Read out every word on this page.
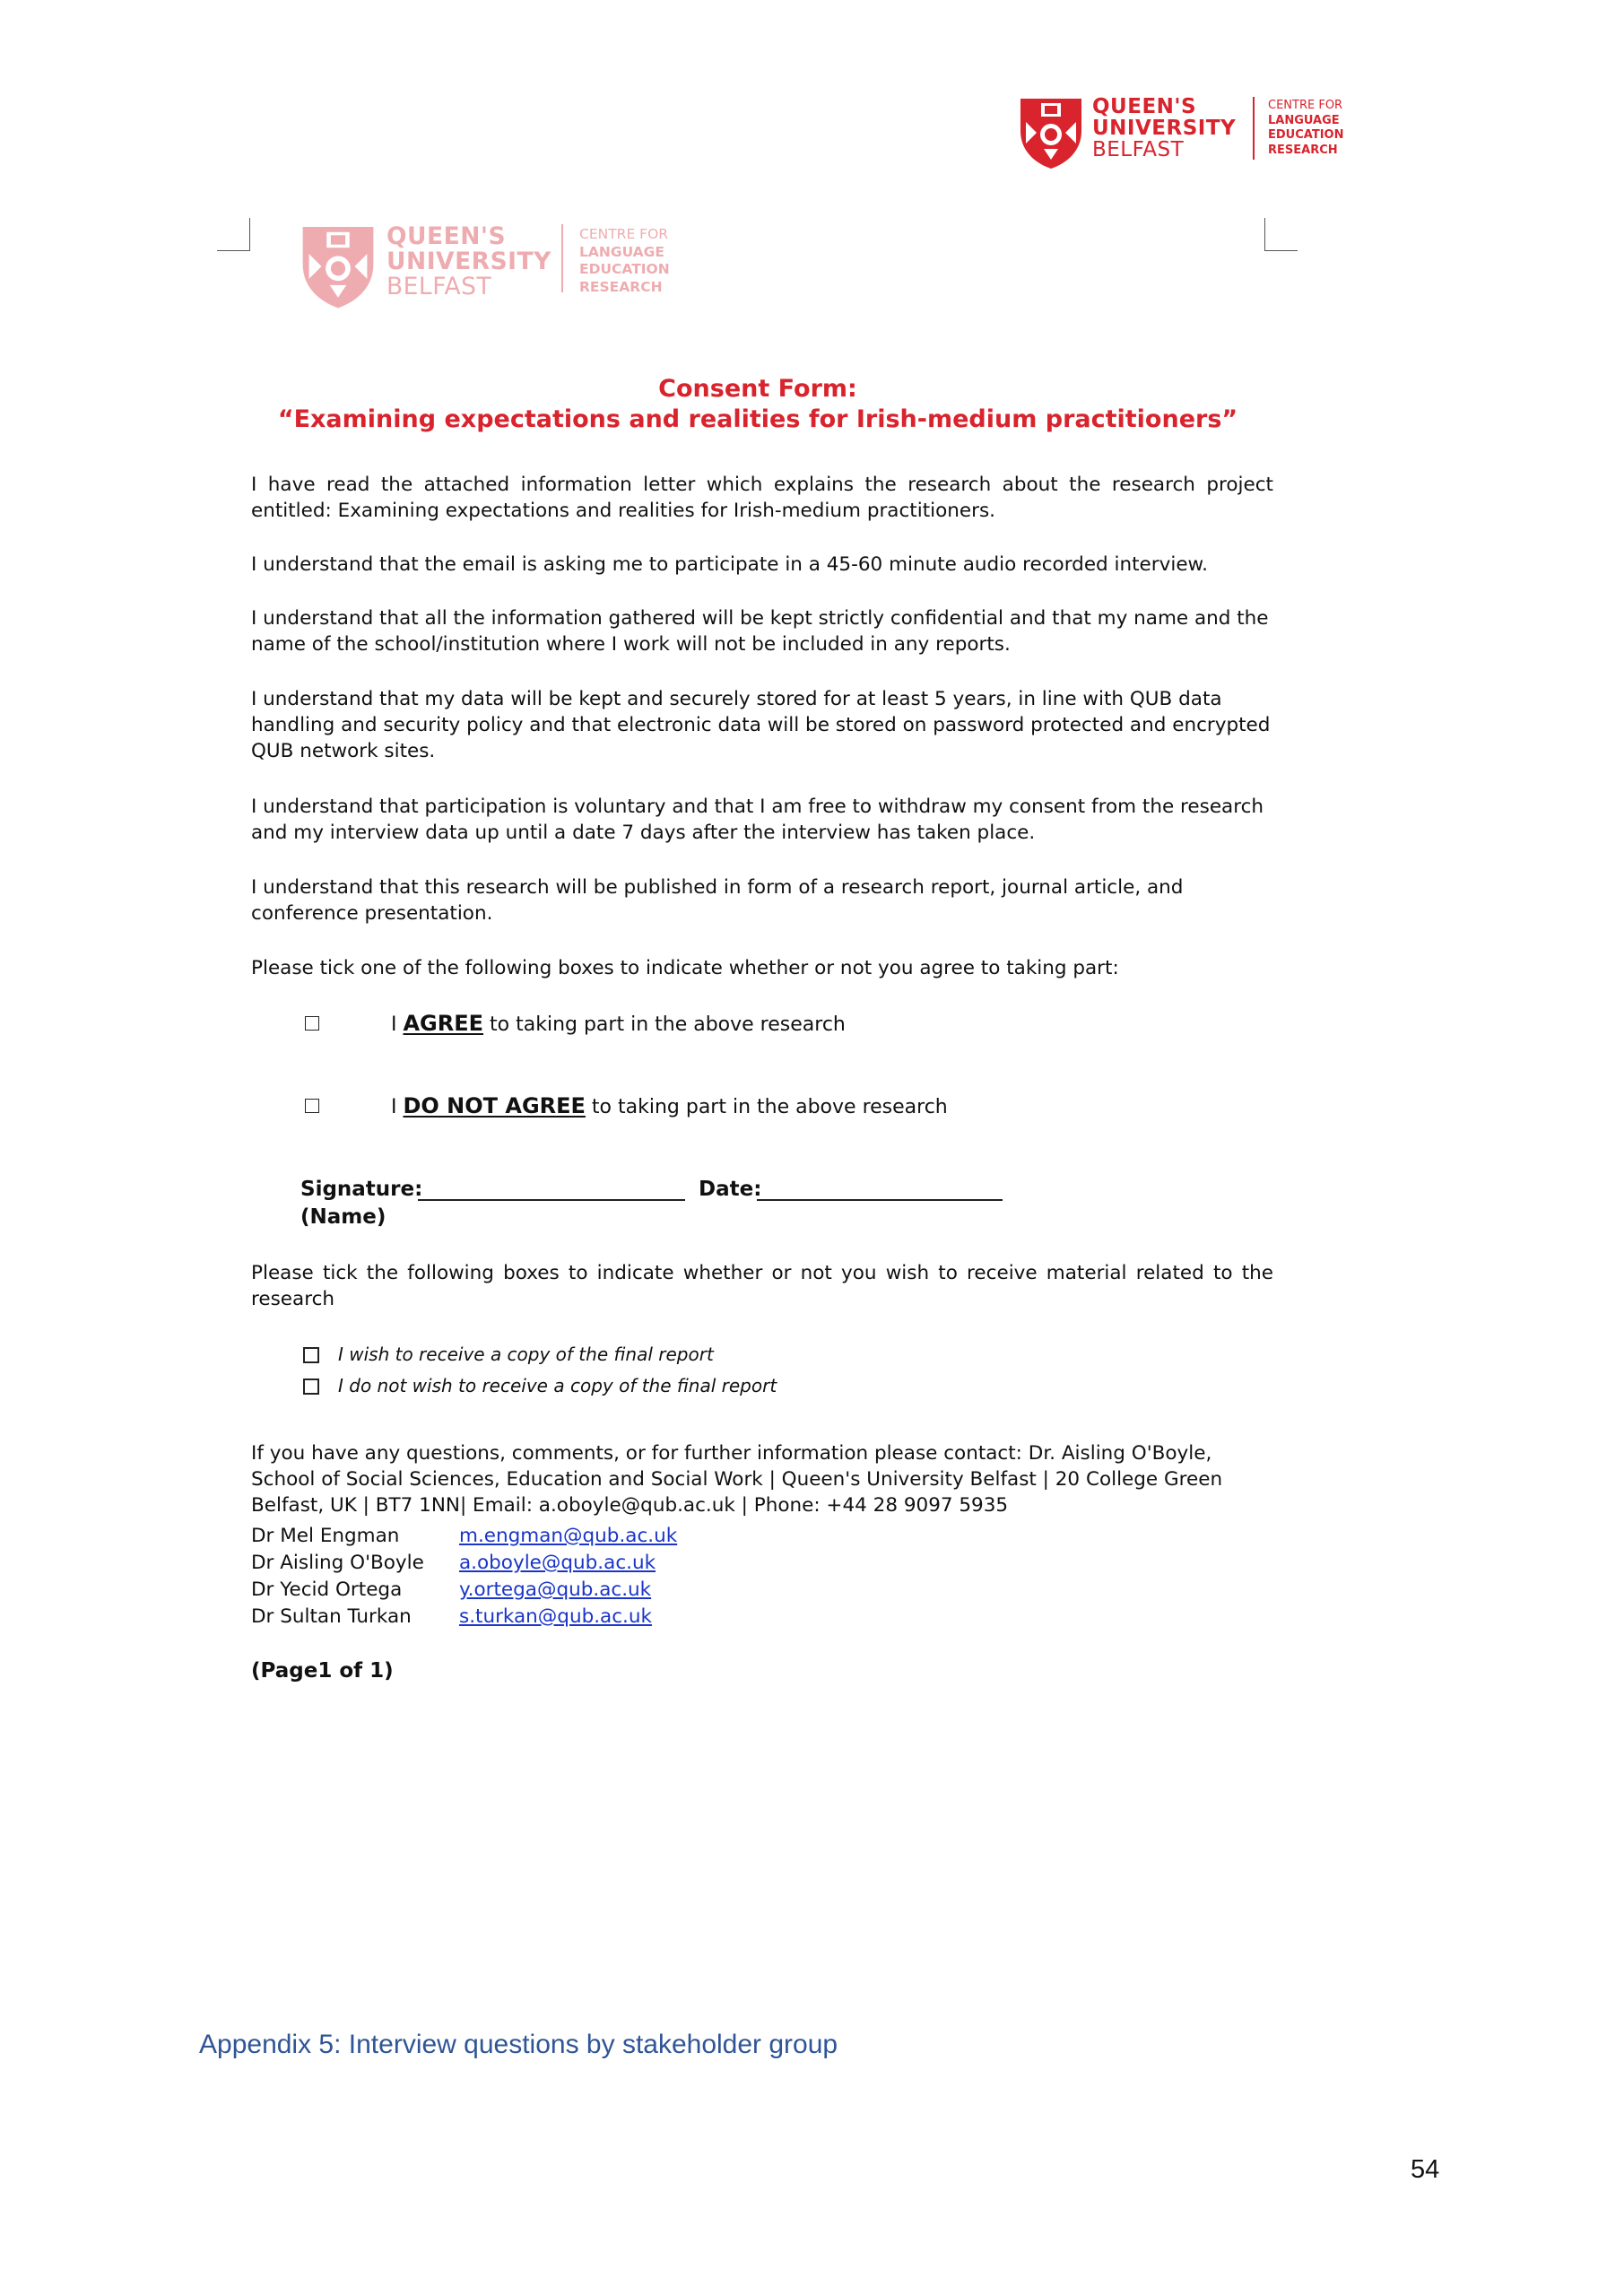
QUEEN'S
UNIVERSITY
BELFAST
CENTRE FOR
LANGUAGE
EDUCATION
RESEARCH
QUEEN'S
UNIVERSITY
BELFAST
CENTRE FOR
LANGUAGE
EDUCATION
RESEARCH
Consent Form:
“Examining expectations and realities for Irish-medium practitioners”
I have read the attached information letter which explains the research about the research project entitled: Examining expectations and realities for Irish-medium practitioners.
I understand that the email is asking me to participate in a 45-60 minute audio recorded interview.
I understand that all the information gathered will be kept strictly confidential and that my name and the name of the school/institution where I work will not be included in any reports.
I understand that my data will be kept and securely stored for at least 5 years, in line with QUB data handling and security policy and that electronic data will be stored on password protected and encrypted QUB network sites.
I understand that participation is voluntary and that I am free to withdraw my consent from the research and my interview data up until a date 7 days after the interview has taken place.
I understand that this research will be published in form of a research report, journal article, and conference presentation.
Please tick one of the following boxes to indicate whether or not you agree to taking part:
I AGREE to taking part in the above research
I DO NOT AGREE to taking part in the above research
Signature:	Date:
(Name)
Please tick the following boxes to indicate whether or not you wish to receive material related to the research
I wish to receive a copy of the final report
I do not wish to receive a copy of the final report
If you have any questions, comments, or for further information please contact: Dr. Aisling O'Boyle, School of Social Sciences, Education and Social Work | Queen's University Belfast | 20 College Green Belfast, UK | BT7 1NN| Email: a.oboyle@qub.ac.uk | Phone: +44 28 9097 5935
Dr Mel Engman	m.engman@qub.ac.uk
Dr Aisling O'Boyle a.oboyle@qub.ac.uk
Dr Yecid Ortega	y.ortega@qub.ac.uk
Dr Sultan Turkan s.turkan@qub.ac.uk
(Page1 of 1)
Appendix 5: Interview questions by stakeholder group
54
